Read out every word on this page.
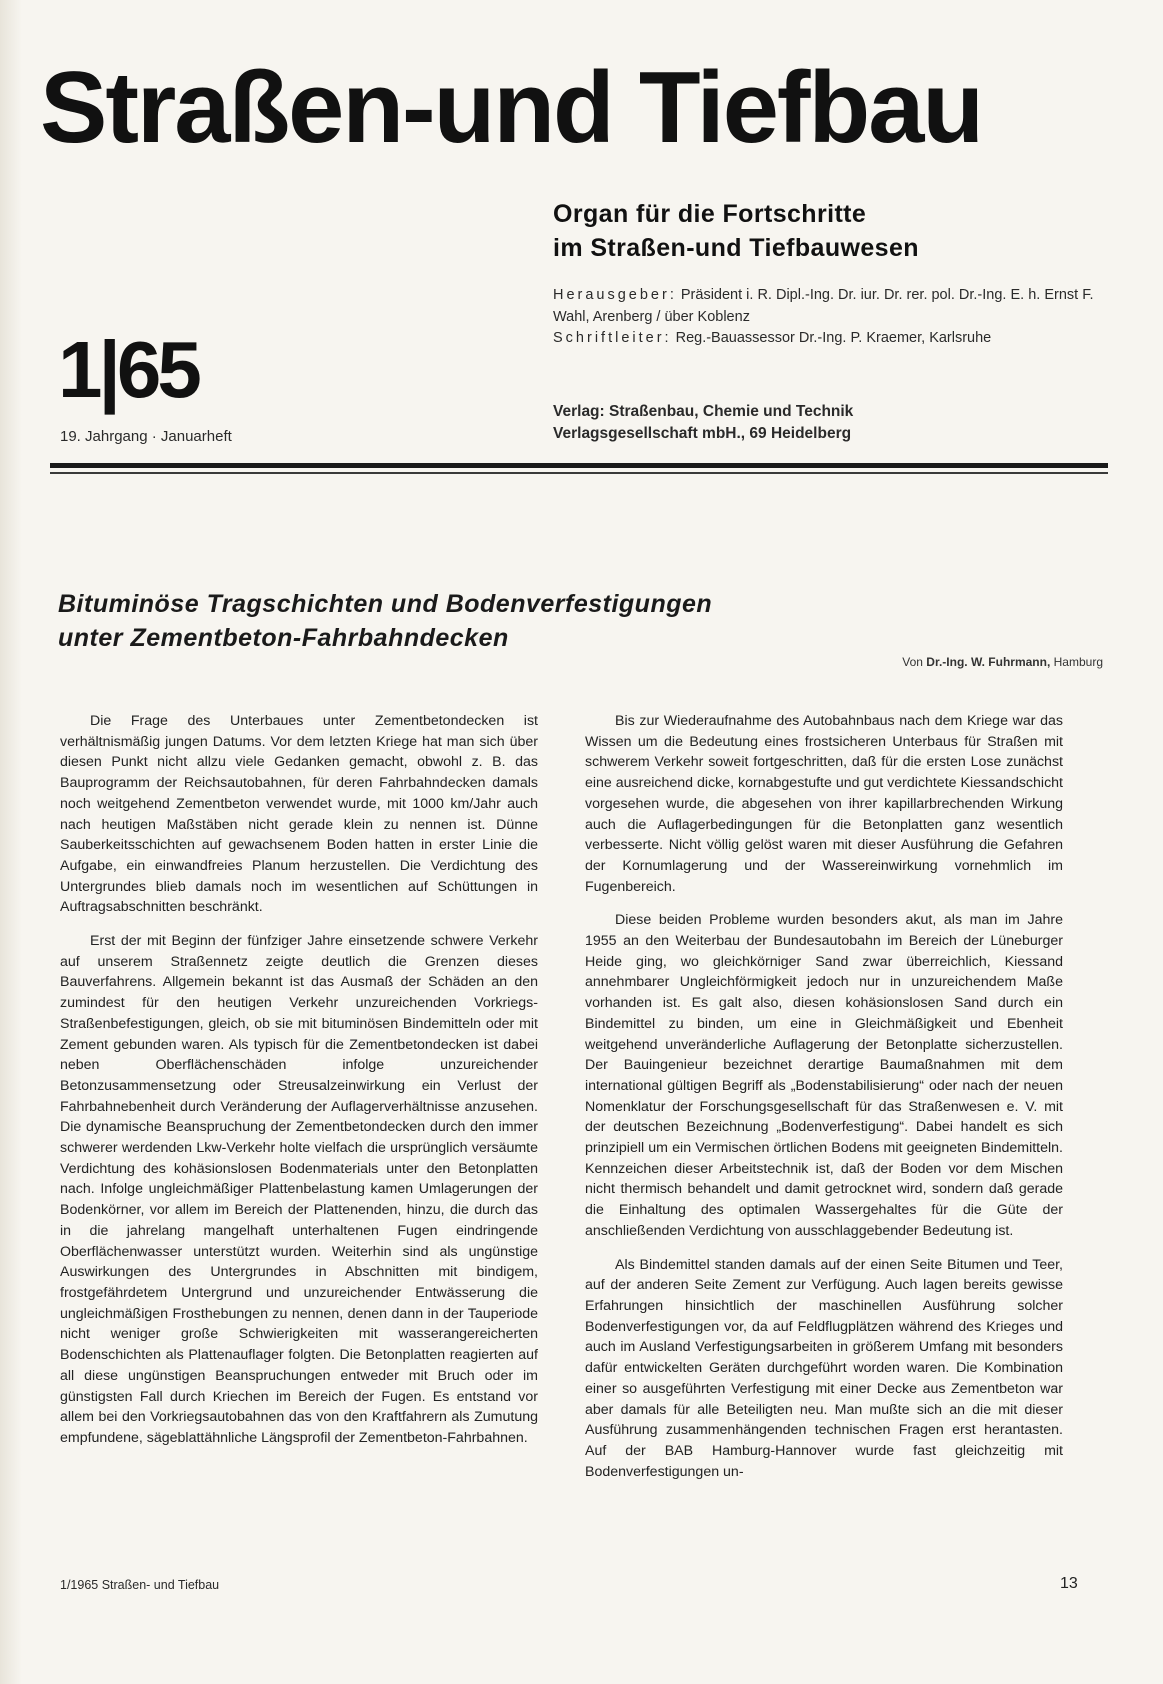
Straßen-und Tiefbau
Organ für die Fortschritte
im Straßen-und Tiefbauwesen
Herausgeber: Präsident i. R. Dipl.-Ing. Dr. iur. Dr. rer. pol. Dr.-Ing. E. h. Ernst F. Wahl, Arenberg / über Koblenz
Schriftleiter: Reg.-Bauassessor Dr.-Ing. P. Kraemer, Karlsruhe
1|65
19. Jahrgang · Januarheft
Verlag: Straßenbau, Chemie und Technik
Verlagsgesellschaft mbH., 69 Heidelberg
Bituminöse Tragschichten und Bodenverfestigungen
unter Zementbeton-Fahrbahndecken
Von Dr.-Ing. W. Fuhrmann, Hamburg

Die Frage des Unterbaues unter Zementbetondecken ist verhältnismäßig jungen Datums. Vor dem letzten Kriege hat man sich über diesen Punkt nicht allzu viele Gedanken gemacht, obwohl z. B. das Bauprogramm der Reichsautobahnen, für deren Fahrbahndecken damals noch weitgehend Zementbeton verwendet wurde, mit 1000 km/Jahr auch nach heutigen Maßstäben nicht gerade klein zu nennen ist. Dünne Sauberkeitsschichten auf gewachsenem Boden hatten in erster Linie die Aufgabe, ein einwandfreies Planum herzustellen. Die Verdichtung des Untergrundes blieb damals noch im wesentlichen auf Schüttungen in Auftragsabschnitten beschränkt.

Erst der mit Beginn der fünfziger Jahre einsetzende schwere Verkehr auf unserem Straßennetz zeigte deutlich die Grenzen dieses Bauverfahrens. Allgemein bekannt ist das Ausmaß der Schäden an den zumindest für den heutigen Verkehr unzureichenden Vorkriegs-Straßenbefestigungen, gleich, ob sie mit bituminösen Bindemitteln oder mit Zement gebunden waren. Als typisch für die Zementbetondecken ist dabei neben Oberflächenschäden infolge unzureichender Betonzusammensetzung oder Streusalzeinwirkung ein Verlust der Fahrbahnebenheit durch Veränderung der Auflagerverhältnisse anzusehen. Die dynamische Beanspruchung der Zementbetondecken durch den immer schwerer werdenden Lkw-Verkehr holte vielfach die ursprünglich versäumte Verdichtung des kohäsionslosen Bodenmaterials unter den Betonplatten nach. Infolge ungleichmäßiger Plattenbelastung kamen Umlagerungen der Bodenkörner, vor allem im Bereich der Plattenenden, hinzu, die durch das in die jahrelang mangelhaft unterhaltenen Fugen eindringende Oberflächenwasser unterstützt wurden. Weiterhin sind als ungünstige Auswirkungen des Untergrundes in Abschnitten mit bindigem, frostgefährdetem Untergrund und unzureichender Entwässerung die ungleichmäßigen Frosthebungen zu nennen, denen dann in der Tauperiode nicht weniger große Schwierigkeiten mit wasserangereicherten Bodenschichten als Plattenauflager folgten. Die Betonplatten reagierten auf all diese ungünstigen Beanspruchungen entweder mit Bruch oder im günstigsten Fall durch Kriechen im Bereich der Fugen. Es entstand vor allem bei den Vorkriegsautobahnen das von den Kraftfahrern als Zumutung empfundene, sägeblattähnliche Längsprofil der Zementbeton-Fahrbahnen.

Bis zur Wiederaufnahme des Autobahnbaus nach dem Kriege war das Wissen um die Bedeutung eines frostsicheren Unterbaus für Straßen mit schwerem Verkehr soweit fortgeschritten, daß für die ersten Lose zunächst eine ausreichend dicke, kornabgestufte und gut verdichtete Kiessandschicht vorgesehen wurde, die abgesehen von ihrer kapillarbrechenden Wirkung auch die Auflagerbedingungen für die Betonplatten ganz wesentlich verbesserte. Nicht völlig gelöst waren mit dieser Ausführung die Gefahren der Kornumlagerung und der Wassereinwirkung vornehmlich im Fugenbereich.

Diese beiden Probleme wurden besonders akut, als man im Jahre 1955 an den Weiterbau der Bundesautobahn im Bereich der Lüneburger Heide ging, wo gleichkörniger Sand zwar überreichlich, Kiessand annehmbarer Ungleichförmigkeit jedoch nur in unzureichendem Maße vorhanden ist. Es galt also, diesen kohäsionslosen Sand durch ein Bindemittel zu binden, um eine in Gleichmäßigkeit und Ebenheit weitgehend unveränderliche Auflagerung der Betonplatte sicherzustellen. Der Bauingenieur bezeichnet derartige Baumaßnahmen mit dem international gültigen Begriff als „Bodenstabilisierung“ oder nach der neuen Nomenklatur der Forschungsgesellschaft für das Straßenwesen e. V. mit der deutschen Bezeichnung „Bodenverfestigung“. Dabei handelt es sich prinzipiell um ein Vermischen örtlichen Bodens mit geeigneten Bindemitteln. Kennzeichen dieser Arbeitstechnik ist, daß der Boden vor dem Mischen nicht thermisch behandelt und damit getrocknet wird, sondern daß gerade die Einhaltung des optimalen Wassergehaltes für die Güte der anschließenden Verdichtung von ausschlaggebender Bedeutung ist.

Als Bindemittel standen damals auf der einen Seite Bitumen und Teer, auf der anderen Seite Zement zur Verfügung. Auch lagen bereits gewisse Erfahrungen hinsichtlich der maschinellen Ausführung solcher Bodenverfestigungen vor, da auf Feldflugplätzen während des Krieges und auch im Ausland Verfestigungsarbeiten in größerem Umfang mit besonders dafür entwickelten Geräten durchgeführt worden waren. Die Kombination einer so ausgeführten Verfestigung mit einer Decke aus Zementbeton war aber damals für alle Beteiligten neu. Man mußte sich an die mit dieser Ausführung zusammenhängenden technischen Fragen erst herantasten. Auf der BAB Hamburg-Hannover wurde fast gleichzeitig mit Bodenverfestigungen un-

1/1965 Straßen- und Tiefbau	13
